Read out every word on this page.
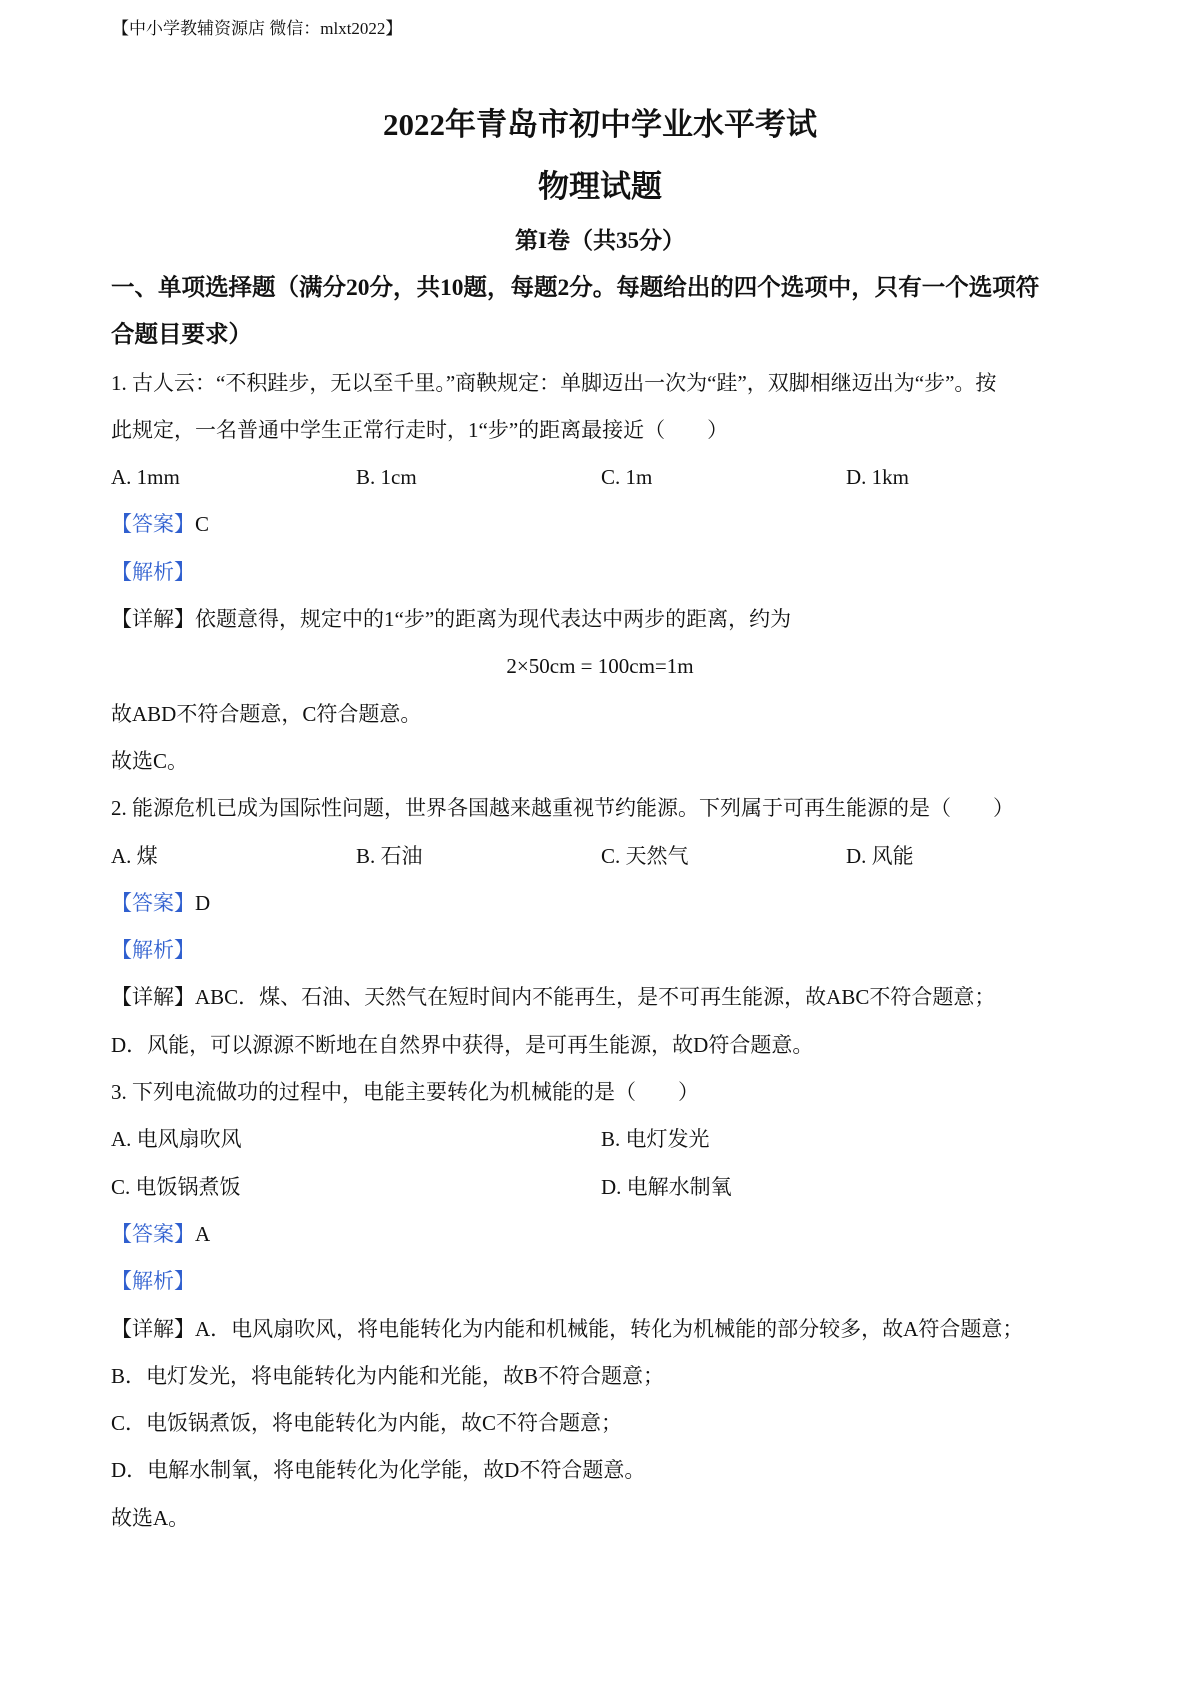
【中小学教辅资源店 微信：mlxt2022】
2022年青岛市初中学业水平考试
物理试题
第I卷（共35分）
一、单项选择题（满分20分，共10题，每题2分。每题给出的四个选项中，只有一个选项符
合题目要求）
1. 古人云：“不积跬步，无以至千里。”商鞅规定：单脚迈出一次为“跬”，双脚相继迈出为“步”。按
此规定，一名普通中学生正常行走时，1“步”的距离最接近（　　）
A. 1mm	B. 1cm	C. 1m	D. 1km
【答案】C
【解析】
【详解】依题意得，规定中的1“步”的距离为现代表达中两步的距离，约为
2×50cm = 100cm=1m
故ABD不符合题意，C符合题意。
故选C。
2. 能源危机已成为国际性问题，世界各国越来越重视节约能源。下列属于可再生能源的是（　　）
A. 煤	B. 石油	C. 天然气	D. 风能
【答案】D
【解析】
【详解】ABC．煤、石油、天然气在短时间内不能再生，是不可再生能源，故ABC不符合题意；
D．风能，可以源源不断地在自然界中获得，是可再生能源，故D符合题意。
3. 下列电流做功的过程中，电能主要转化为机械能的是（　　）
A. 电风扇吹风	B. 电灯发光
C. 电饭锅煮饭	D. 电解水制氧
【答案】A
【解析】
【详解】A．电风扇吹风，将电能转化为内能和机械能，转化为机械能的部分较多，故A符合题意；
B．电灯发光，将电能转化为内能和光能，故B不符合题意；
C．电饭锅煮饭，将电能转化为内能，故C不符合题意；
D．电解水制氧，将电能转化为化学能，故D不符合题意。
故选A。
